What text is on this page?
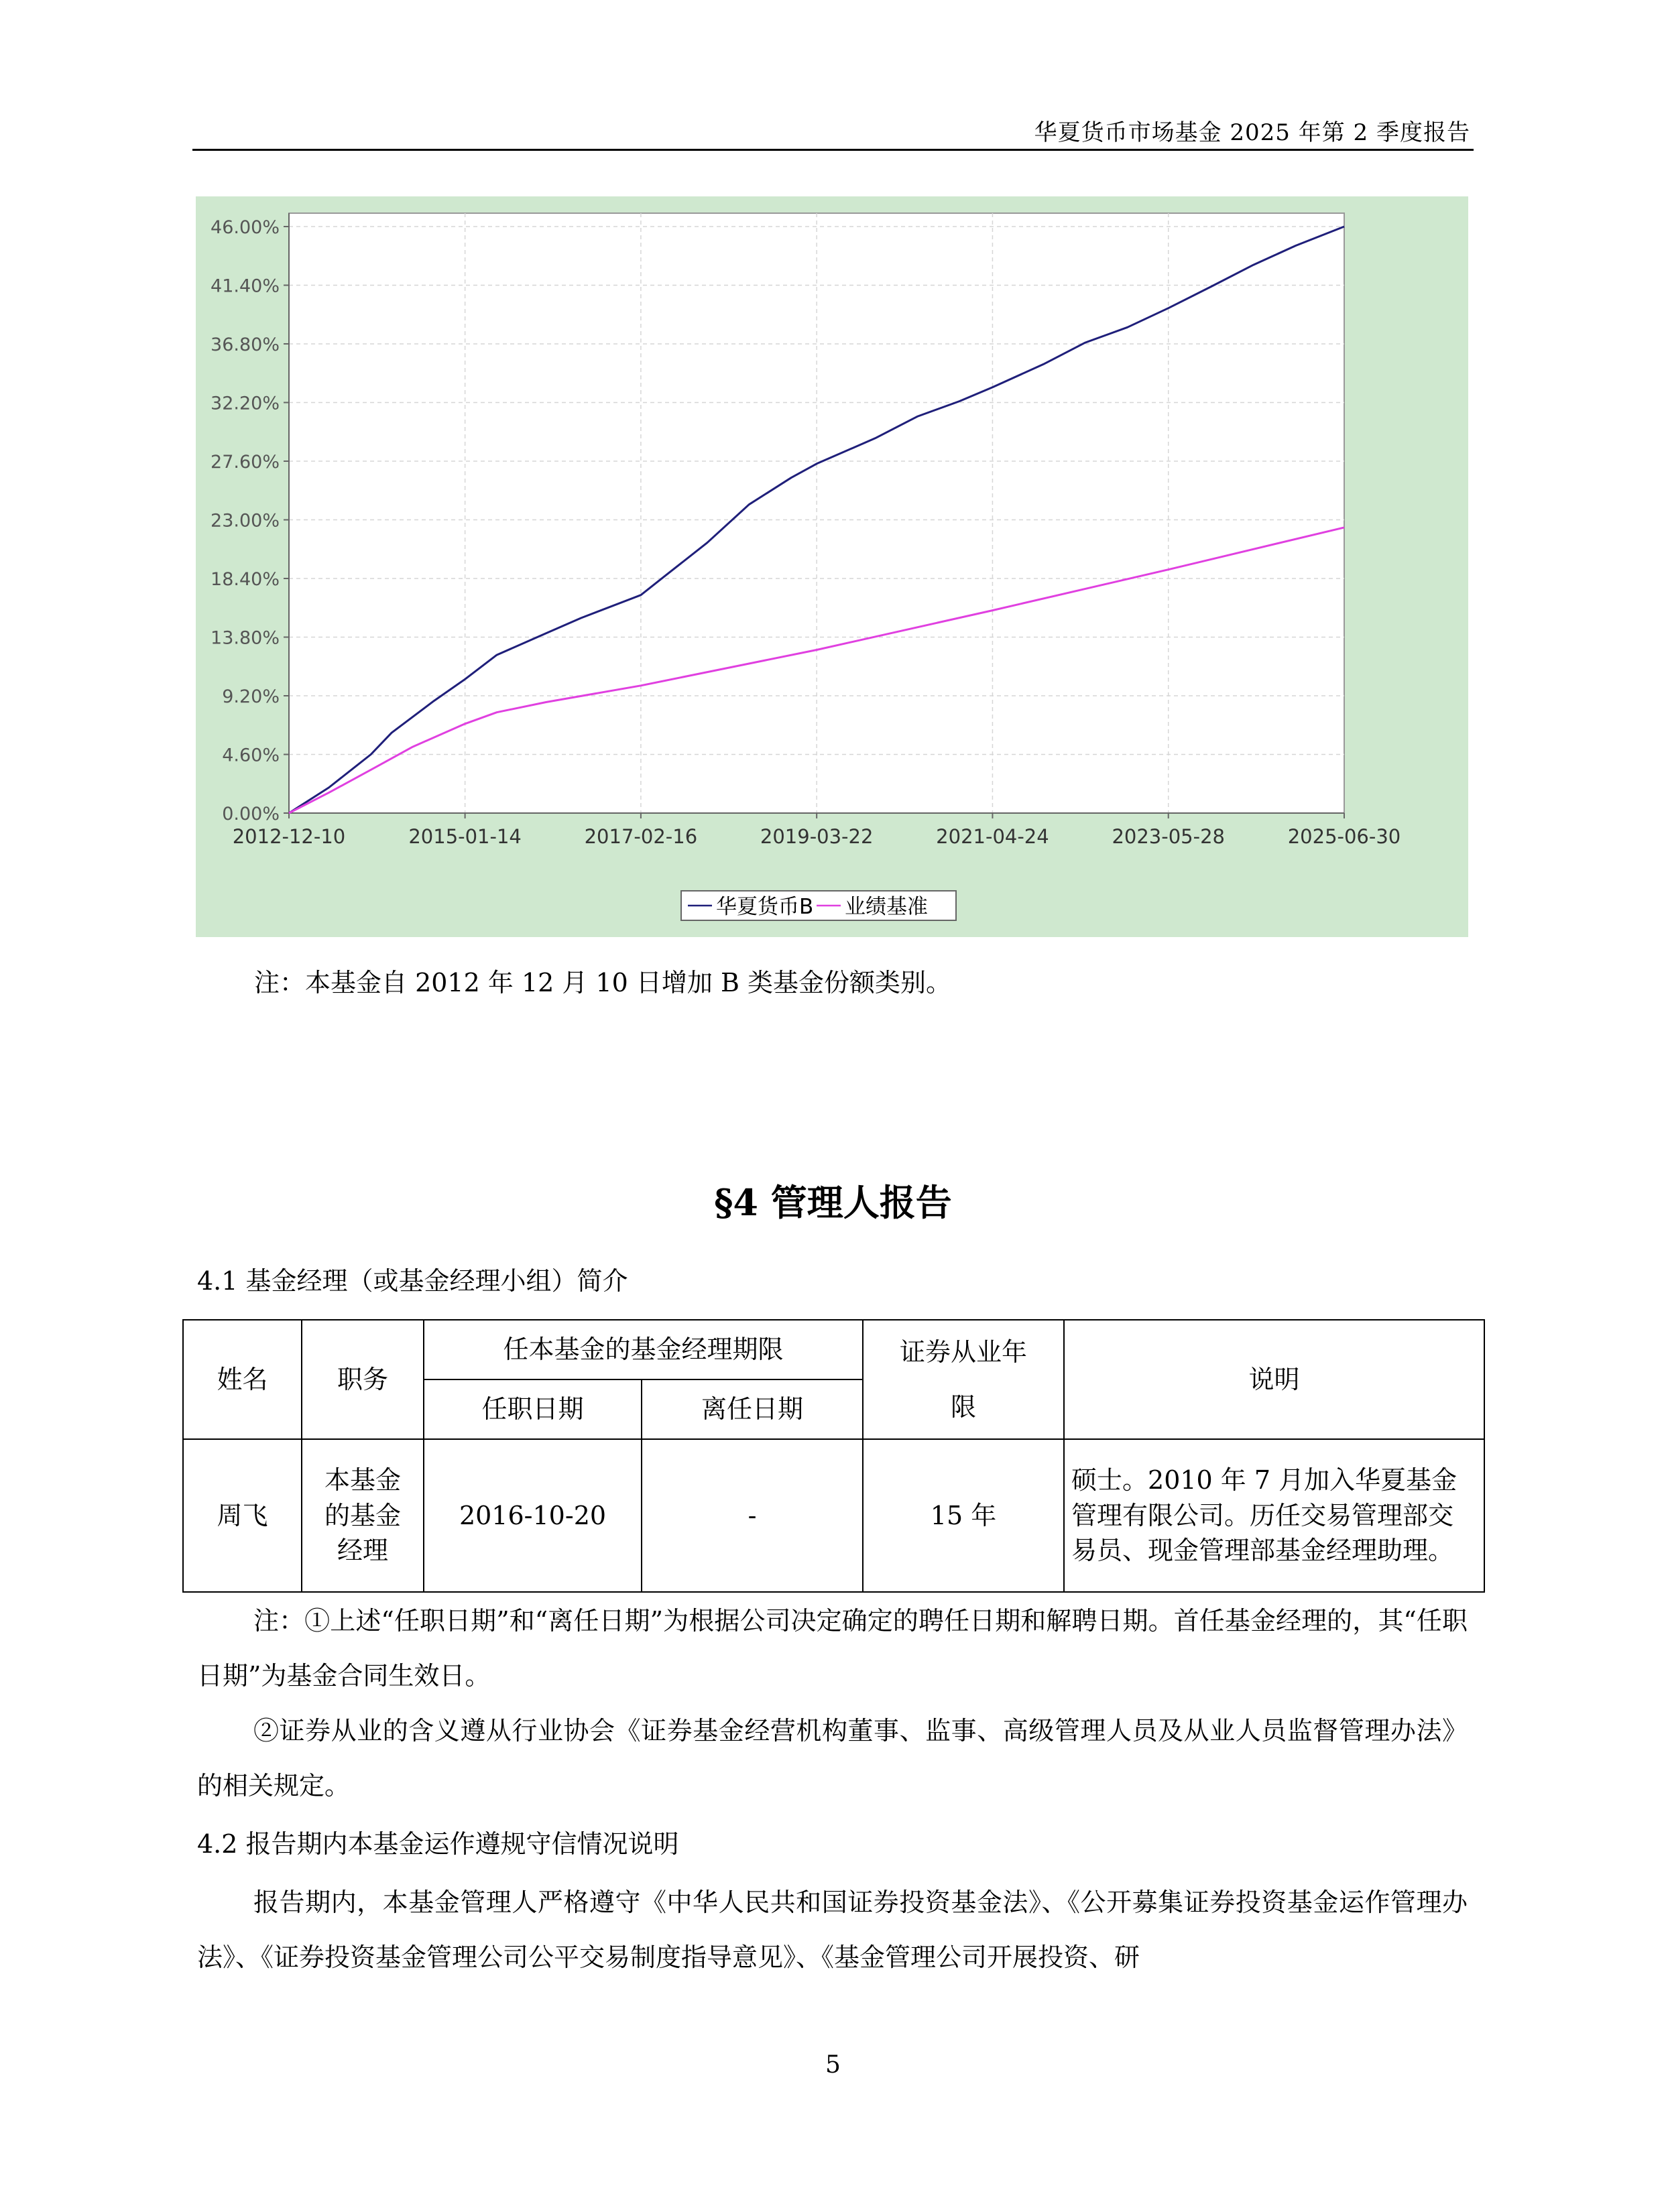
华夏货币市场基金 2025 年第 2 季度报告
0.00%
4.60%
9.20%
13.80%
18.40%
23.00%
27.60%
32.20%
36.80%
41.40%
46.00%
2012-12-10	2015-01-14	2017-02-16	2019-03-22	2021-04-24	2023-05-28	2025-06-30
华夏货币B 业绩基准
注：本基金自 2012 年 12 月 10 日增加 B 类基金份额类别。
§4 管理人报告
4.1 基金经理（或基金经理小组）简介
姓名	职务	任本基金的基金经理期限		证券从业年限	说明
		任职日期	离任日期		
周飞	本基金的基金经理	2016-10-20	-	15 年	硕士。2010 年 7 月加入华夏基金管理有限公司。历任交易管理部交易员、现金管理部基金经理助理。
注：①上述“任职日期”和“离任日期”为根据公司决定确定的聘任日期和解聘日期。首任基金经理的，其“任职日期”为基金合同生效日。
②证券从业的含义遵从行业协会《证券基金经营机构董事、监事、高级管理人员及从业人员监督管理办法》的相关规定。
4.2 报告期内本基金运作遵规守信情况说明
报告期内，本基金管理人严格遵守《中华人民共和国证券投资基金法》、《公开募集证券投资基金运作管理办法》、《证券投资基金管理公司公平交易制度指导意见》、《基金管理公司开展投资、研
5
